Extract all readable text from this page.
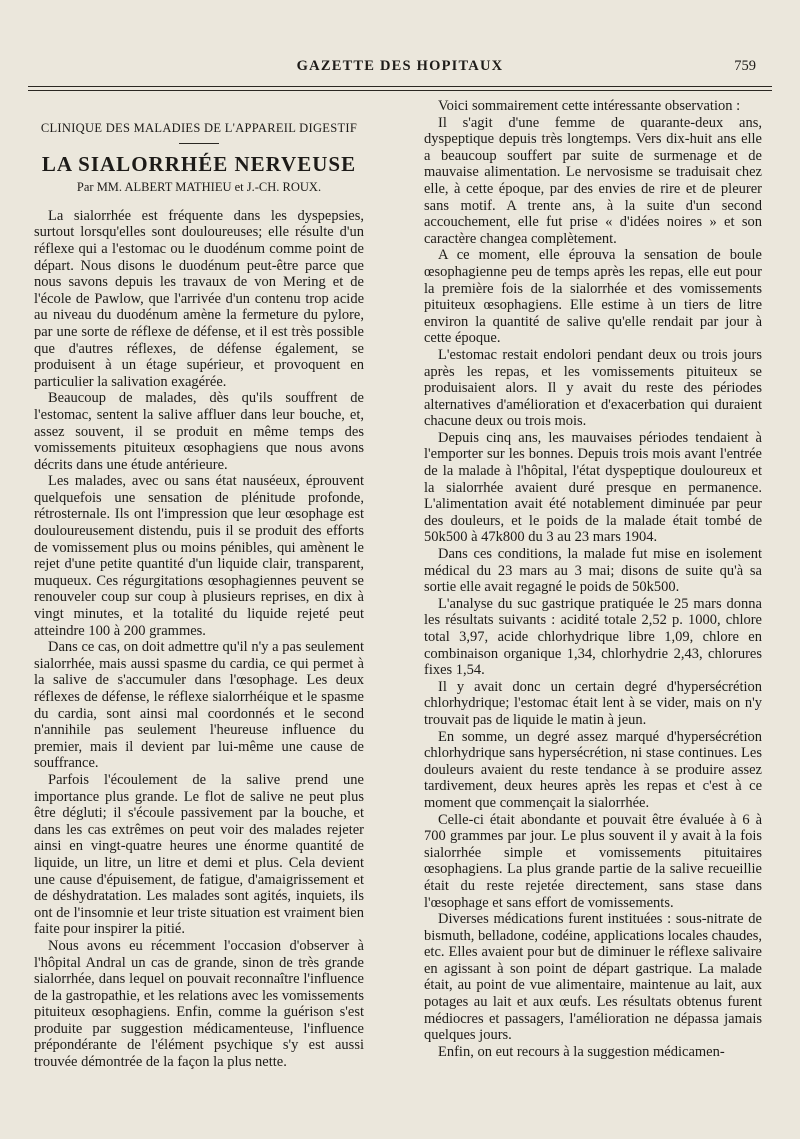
GAZETTE DES HOPITAUX	759
CLINIQUE DES MALADIES DE L'APPAREIL DIGESTIF
LA SIALORRHÉE NERVEUSE
Par MM. ALBERT MATHIEU et J.-CH. ROUX.

La sialorrhée est fréquente dans les dyspepsies, surtout lorsqu'elles sont douloureuses; elle résulte d'un réflexe qui a l'estomac ou le duodénum comme point de départ. Nous disons le duodénum peut-être parce que nous savons depuis les travaux de von Mering et de l'école de Pawlow, que l'arrivée d'un contenu trop acide au niveau du duodénum amène la fermeture du pylore, par une sorte de réflexe de défense, et il est très possible que d'autres réflexes, de défense également, se produisent à un étage supérieur, et provoquent en particulier la salivation exagérée.

Beaucoup de malades, dès qu'ils souffrent de l'estomac, sentent la salive affluer dans leur bouche, et, assez souvent, il se produit en même temps des vomissements pituiteux œsophagiens que nous avons décrits dans une étude antérieure.

Les malades, avec ou sans état nauséeux, éprouvent quelquefois une sensation de plénitude profonde, rétrosternale. Ils ont l'impression que leur œsophage est douloureusement distendu, puis il se produit des efforts de vomissement plus ou moins pénibles, qui amènent le rejet d'une petite quantité d'un liquide clair, transparent, muqueux. Ces régurgitations œsophagiennes peuvent se renouveler coup sur coup à plusieurs reprises, en dix à vingt minutes, et la totalité du liquide rejeté peut atteindre 100 à 200 grammes.

Dans ce cas, on doit admettre qu'il n'y a pas seulement sialorrhée, mais aussi spasme du cardia, ce qui permet à la salive de s'accumuler dans l'œsophage. Les deux réflexes de défense, le réflexe sialorrhéique et le spasme du cardia, sont ainsi mal coordonnés et le second n'annihile pas seulement l'heureuse influence du premier, mais il devient par lui-même une cause de souffrance.

Parfois l'écoulement de la salive prend une importance plus grande. Le flot de salive ne peut plus être dégluti; il s'écoule passivement par la bouche, et dans les cas extrêmes on peut voir des malades rejeter ainsi en vingt-quatre heures une énorme quantité de liquide, un litre, un litre et demi et plus. Cela devient une cause d'épuisement, de fatigue, d'amaigrissement et de déshydratation. Les malades sont agités, inquiets, ils ont de l'insomnie et leur triste situation est vraiment bien faite pour inspirer la pitié.

Nous avons eu récemment l'occasion d'observer à l'hôpital Andral un cas de grande, sinon de très grande sialorrhée, dans lequel on pouvait reconnaître l'influence de la gastropathie, et les relations avec les vomissements pituiteux œsophagiens. Enfin, comme la guérison s'est produite par suggestion médicamenteuse, l'influence prépondérante de l'élément psychique s'y est aussi trouvée démontrée de la façon la plus nette.

Voici sommairement cette intéressante observation :

Il s'agit d'une femme de quarante-deux ans, dyspeptique depuis très longtemps. Vers dix-huit ans elle a beaucoup souffert par suite de surmenage et de mauvaise alimentation. Le nervosisme se traduisait chez elle, à cette époque, par des envies de rire et de pleurer sans motif. A trente ans, à la suite d'un second accouchement, elle fut prise « d'idées noires » et son caractère changea complètement.

A ce moment, elle éprouva la sensation de boule œsophagienne peu de temps après les repas, elle eut pour la première fois de la sialorrhée et des vomissements pituiteux œsophagiens. Elle estime à un tiers de litre environ la quantité de salive qu'elle rendait par jour à cette époque.

L'estomac restait endolori pendant deux ou trois jours après les repas, et les vomissements pituiteux se produisaient alors. Il y avait du reste des périodes alternatives d'amélioration et d'exacerbation qui duraient chacune deux ou trois mois.

Depuis cinq ans, les mauvaises périodes tendaient à l'emporter sur les bonnes. Depuis trois mois avant l'entrée de la malade à l'hôpital, l'état dyspeptique douloureux et la sialorrhée avaient duré presque en permanence. L'alimentation avait été notablement diminuée par peur des douleurs, et le poids de la malade était tombé de 50k500 à 47k800 du 3 au 23 mars 1904.

Dans ces conditions, la malade fut mise en isolement médical du 23 mars au 3 mai; disons de suite qu'à sa sortie elle avait regagné le poids de 50k500.

L'analyse du suc gastrique pratiquée le 25 mars donna les résultats suivants : acidité totale 2,52 p. 1000, chlore total 3,97, acide chlorhydrique libre 1,09, chlore en combinaison organique 1,34, chlorhydrie 2,43, chlorures fixes 1,54.

Il y avait donc un certain degré d'hypersécrétion chlorhydrique; l'estomac était lent à se vider, mais on n'y trouvait pas de liquide le matin à jeun.

En somme, un degré assez marqué d'hypersécrétion chlorhydrique sans hypersécrétion, ni stase continues. Les douleurs avaient du reste tendance à se produire assez tardivement, deux heures après les repas et c'est à ce moment que commençait la sialorrhée.

Celle-ci était abondante et pouvait être évaluée à 6 à 700 grammes par jour. Le plus souvent il y avait à la fois sialorrhée simple et vomissements pituitaires œsophagiens. La plus grande partie de la salive recueillie était du reste rejetée directement, sans stase dans l'œsophage et sans effort de vomissements.

Diverses médications furent instituées : sous-nitrate de bismuth, belladone, codéine, applications locales chaudes, etc. Elles avaient pour but de diminuer le réflexe salivaire en agissant à son point de départ gastrique. La malade était, au point de vue alimentaire, maintenue au lait, aux potages au lait et aux œufs. Les résultats obtenus furent médiocres et passagers, l'amélioration ne dépassa jamais quelques jours.

Enfin, on eut recours à la suggestion médicamen-
